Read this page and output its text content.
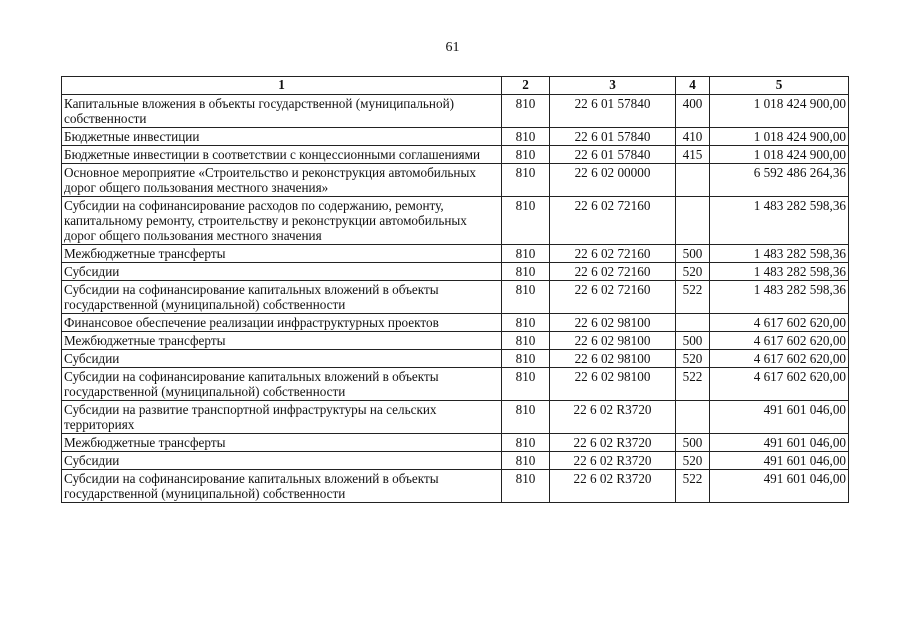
61
1	2	3	4	5
Капитальные вложения в объекты государственной (муниципальной) собственности	810	22 6 01 57840	400	1 018 424 900,00
Бюджетные инвестиции	810	22 6 01 57840	410	1 018 424 900,00
Бюджетные инвестиции в соответствии с концессионными соглашениями	810	22 6 01 57840	415	1 018 424 900,00
Основное мероприятие «Строительство и реконструкция автомобильных дорог общего пользования местного значения»	810	22 6 02 00000		6 592 486 264,36
Субсидии на софинансирование расходов по содержанию, ремонту, капитальному ремонту, строительству и реконструкции автомобильных дорог общего пользования местного значения	810	22 6 02 72160		1 483 282 598,36
Межбюджетные трансферты	810	22 6 02 72160	500	1 483 282 598,36
Субсидии	810	22 6 02 72160	520	1 483 282 598,36
Субсидии на софинансирование капитальных вложений в объекты государственной (муниципальной) собственности	810	22 6 02 72160	522	1 483 282 598,36
Финансовое обеспечение реализации инфраструктурных проектов	810	22 6 02 98100		4 617 602 620,00
Межбюджетные трансферты	810	22 6 02 98100	500	4 617 602 620,00
Субсидии	810	22 6 02 98100	520	4 617 602 620,00
Субсидии на софинансирование капитальных вложений в объекты государственной (муниципальной) собственности	810	22 6 02 98100	522	4 617 602 620,00
Субсидии на развитие транспортной инфраструктуры на сельских территориях	810	22 6 02 R3720		491 601 046,00
Межбюджетные трансферты	810	22 6 02 R3720	500	491 601 046,00
Субсидии	810	22 6 02 R3720	520	491 601 046,00
Субсидии на софинансирование капитальных вложений в объекты государственной (муниципальной) собственности	810	22 6 02 R3720	522	491 601 046,00
